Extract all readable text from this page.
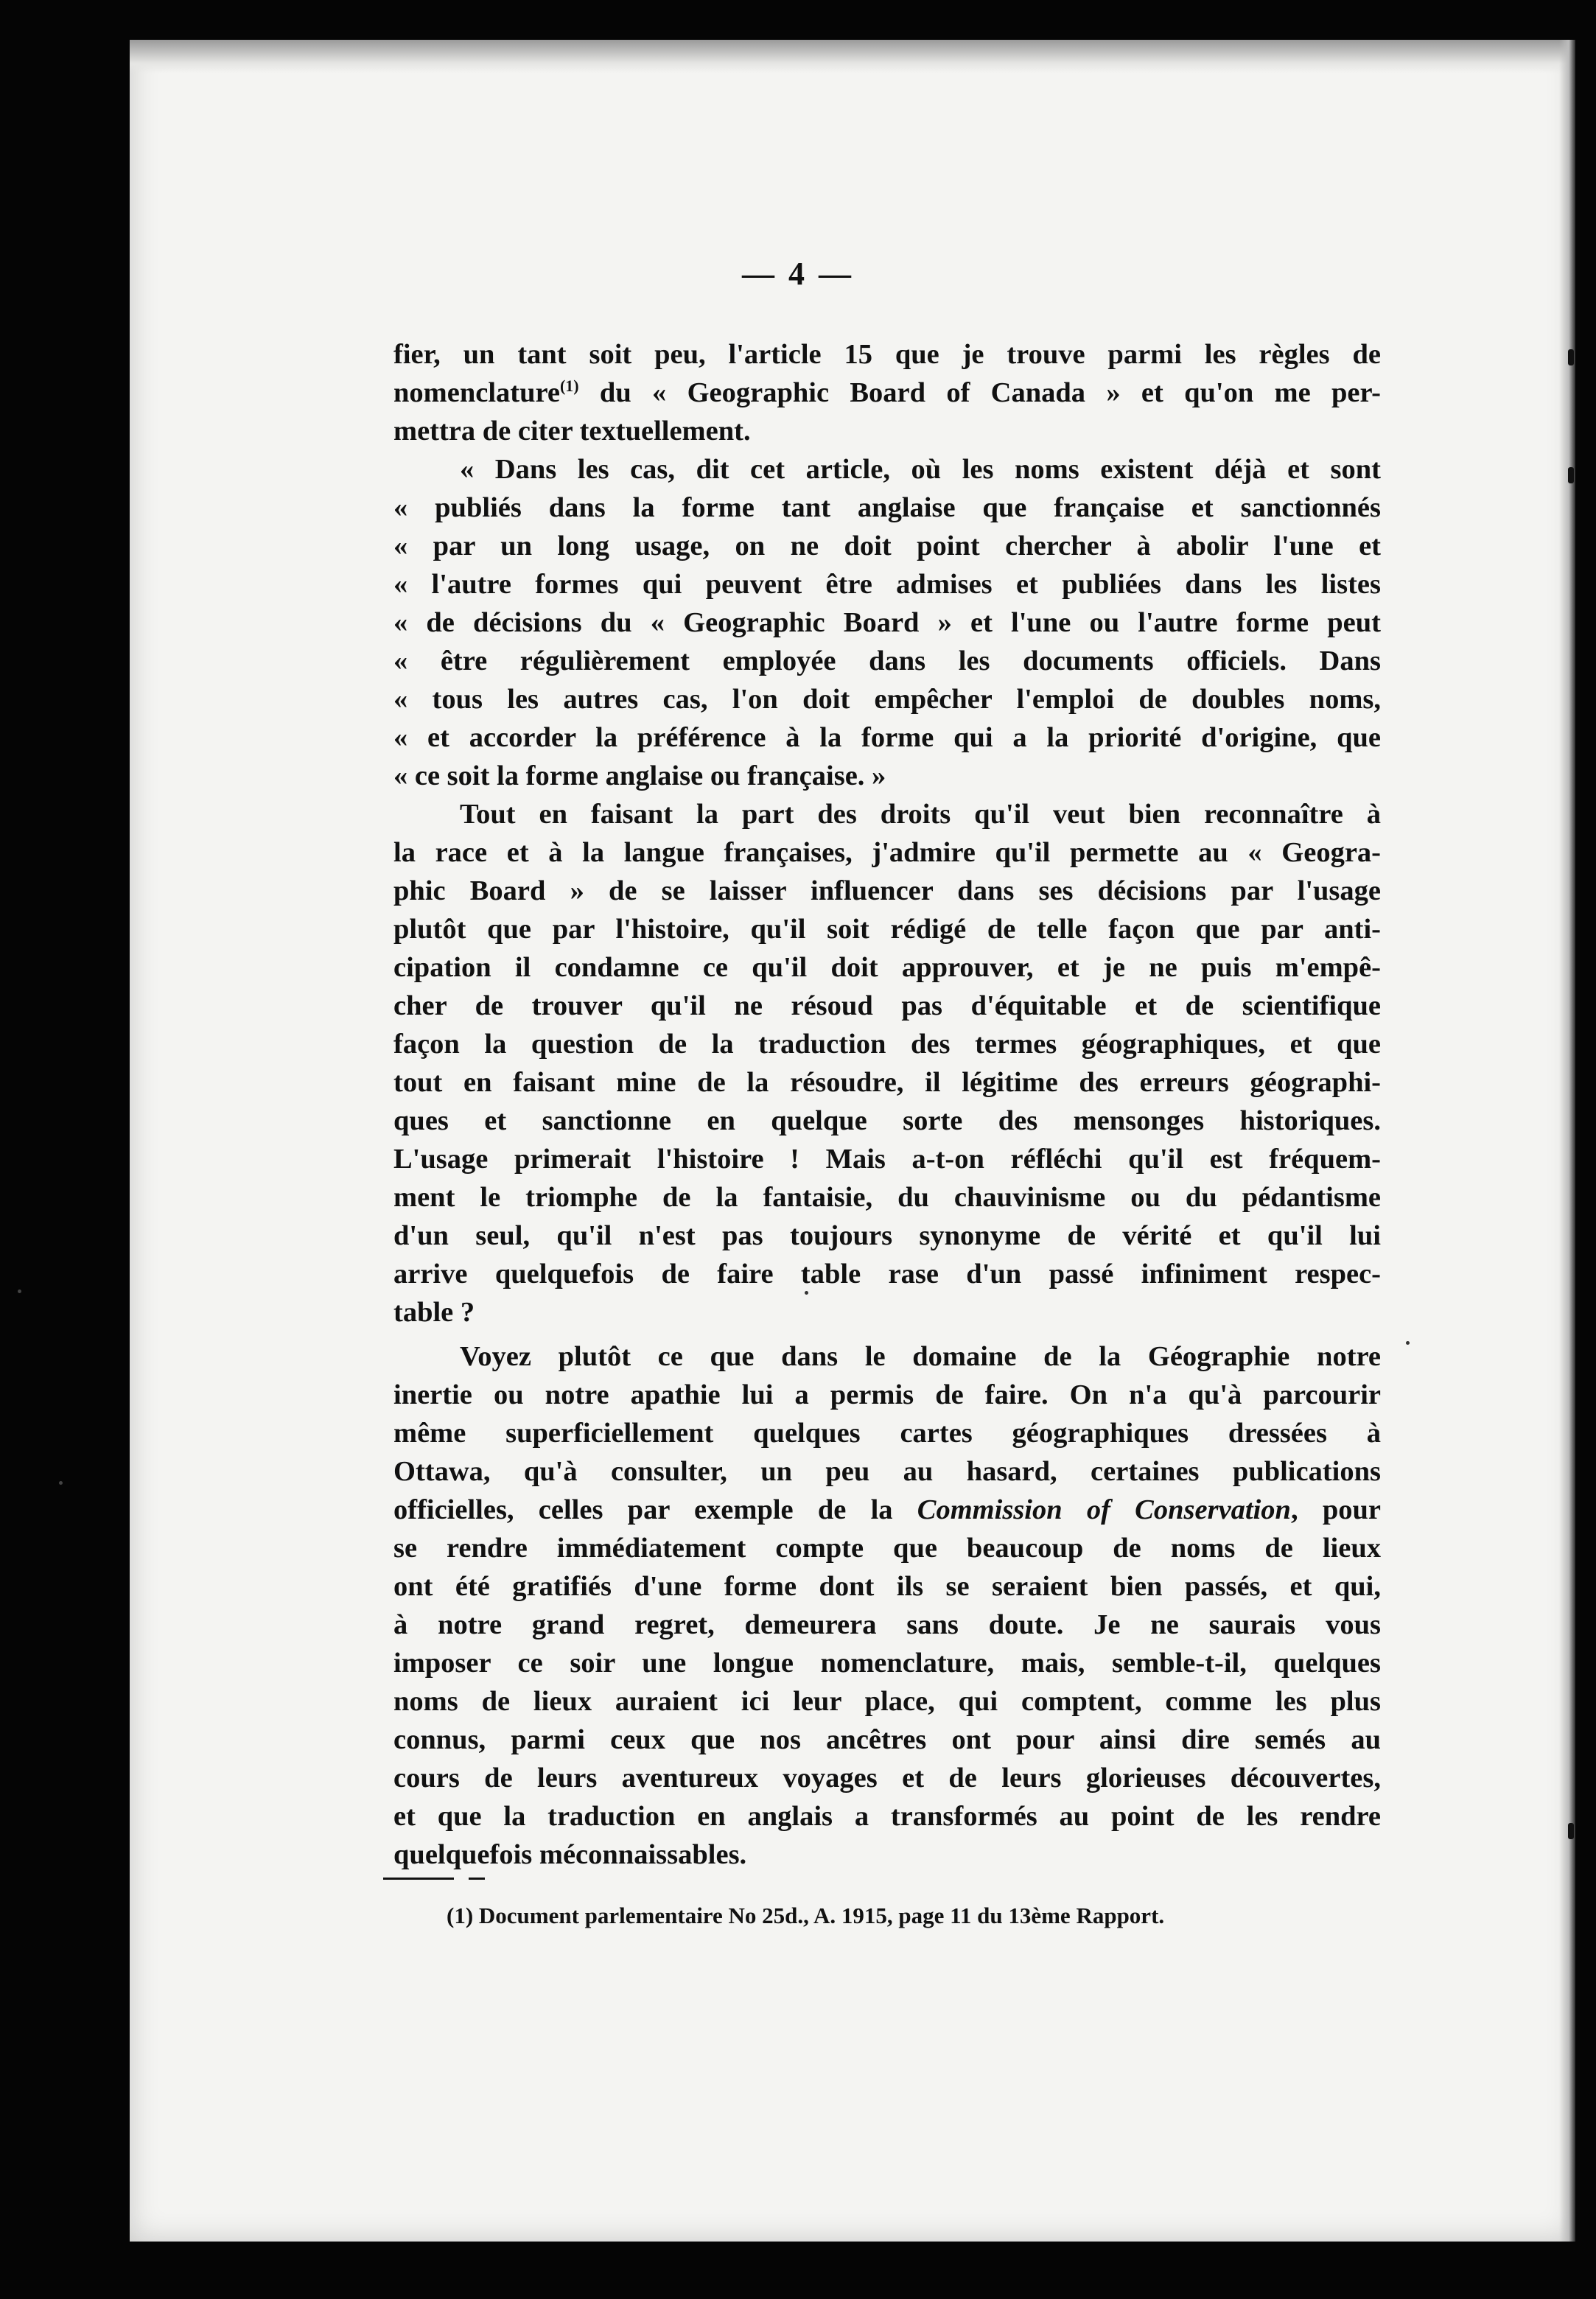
— 4 —

fier, un tant soit peu, l'article 15 que je trouve parmi les règles de
nomenclature$^{(1)}$ du « Geographic Board of Canada » et qu'on me per-
mettra de citer textuellement.

« Dans les cas, dit cet article, où les noms existent déjà et sont
« publiés dans la forme tant anglaise que française et sanctionnés
« par un long usage, on ne doit point chercher à abolir l'une et
« l'autre formes qui peuvent être admises et publiées dans les listes
« de décisions du « Geographic Board » et l'une ou l'autre forme peut
« être régulièrement employée dans les documents officiels. Dans
« tous les autres cas, l'on doit empêcher l'emploi de doubles noms,
« et accorder la préférence à la forme qui a la priorité d'origine, que
« ce soit la forme anglaise ou française. »

Tout en faisant la part des droits qu'il veut bien reconnaître à
la race et à la langue françaises, j'admire qu'il permette au « Geogra-
phic Board » de se laisser influencer dans ses décisions par l'usage
plutôt que par l'histoire, qu'il soit rédigé de telle façon que par anti-
cipation il condamne ce qu'il doit approuver, et je ne puis m'empê-
cher de trouver qu'il ne résoud pas d'équitable et de scientifique
façon la question de la traduction des termes géographiques, et que
tout en faisant mine de la résoudre, il légitime des erreurs géographi-
ques et sanctionne en quelque sorte des mensonges historiques.
L'usage primerait l'histoire ! Mais a-t-on réfléchi qu'il est fréquem-
ment le triomphe de la fantaisie, du chauvinisme ou du pédantisme
d'un seul, qu'il n'est pas toujours synonyme de vérité et qu'il lui
arrive quelquefois de faire table rase d'un passé infiniment respec-
table ?

Voyez plutôt ce que dans le domaine de la Géographie notre
inertie ou notre apathie lui a permis de faire. On n'a qu'à parcourir
même superficiellement quelques cartes géographiques dressées à
Ottawa, qu'à consulter, un peu au hasard, certaines publications
officielles, celles par exemple de la Commission of Conservation, pour
se rendre immédiatement compte que beaucoup de noms de lieux
ont été gratifiés d'une forme dont ils se seraient bien passés, et qui,
à notre grand regret, demeurera sans doute. Je ne saurais vous
imposer ce soir une longue nomenclature, mais, semble-t-il, quelques
noms de lieux auraient ici leur place, qui comptent, comme les plus
connus, parmi ceux que nos ancêtres ont pour ainsi dire semés au
cours de leurs aventureux voyages et de leurs glorieuses découvertes,
et que la traduction en anglais a transformés au point de les rendre
quelquefois méconnaissables.

(1) Document parlementaire No 25d., A. 1915, page 11 du 13ème Rapport.
